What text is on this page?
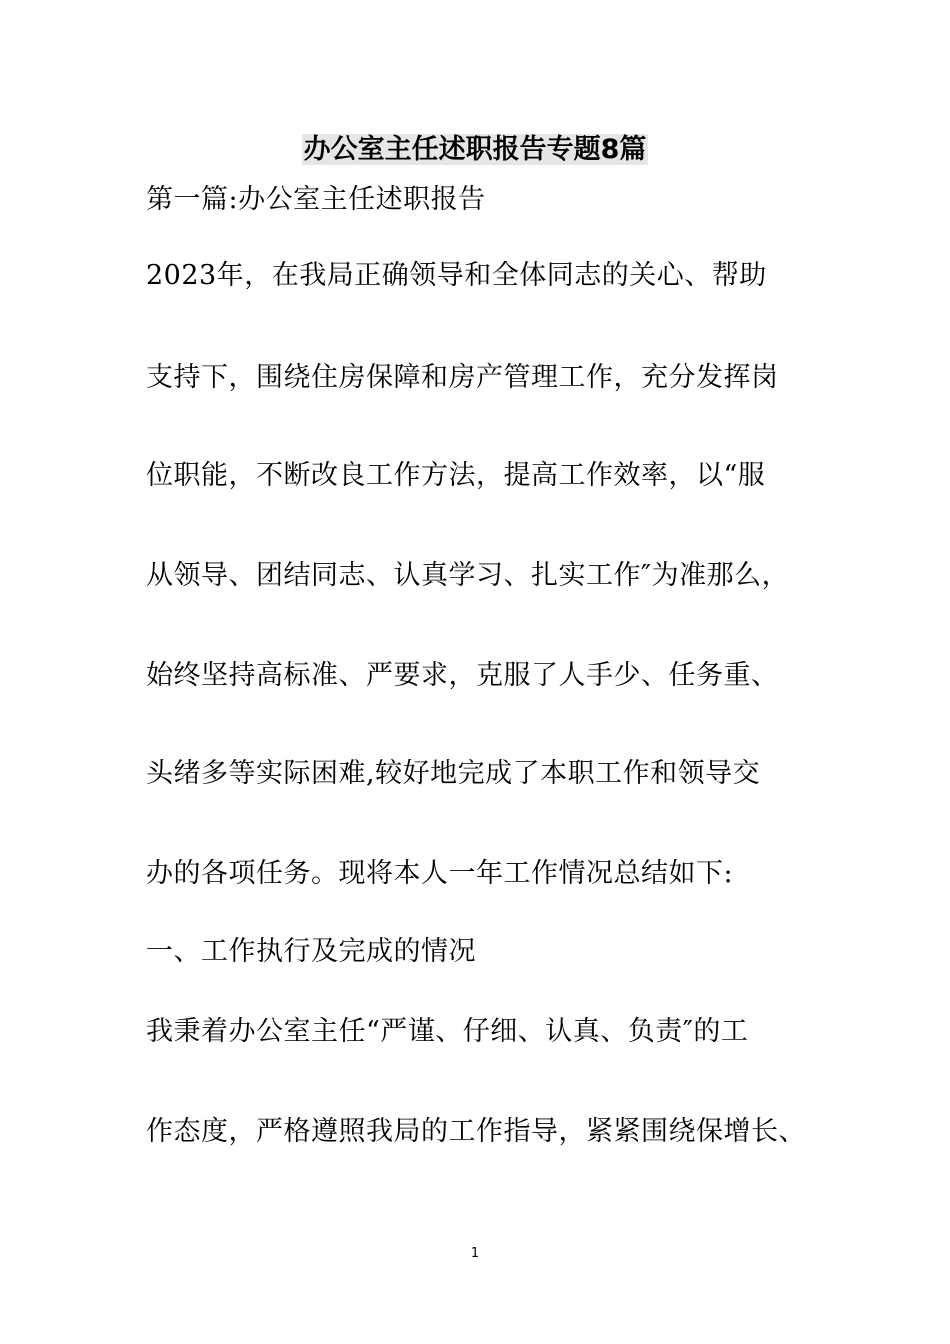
办公室主任述职报告专题8篇
第一篇:办公室主任述职报告
2023年，在我局正确领导和全体同志的关心、帮助
支持下，围绕住房保障和房产管理工作，充分发挥岗
位职能，不断改良工作方法，提高工作效率，以“服
从领导、团结同志、认真学习、扎实工作″为准那么，
始终坚持高标准、严要求，克服了人手少、任务重、
头绪多等实际困难,较好地完成了本职工作和领导交
办的各项任务。现将本人一年工作情况总结如下:
一、工作执行及完成的情况
我秉着办公室主任“严谨、仔细、认真、负责″的工
作态度，严格遵照我局的工作指导，紧紧围绕保增长、
1
